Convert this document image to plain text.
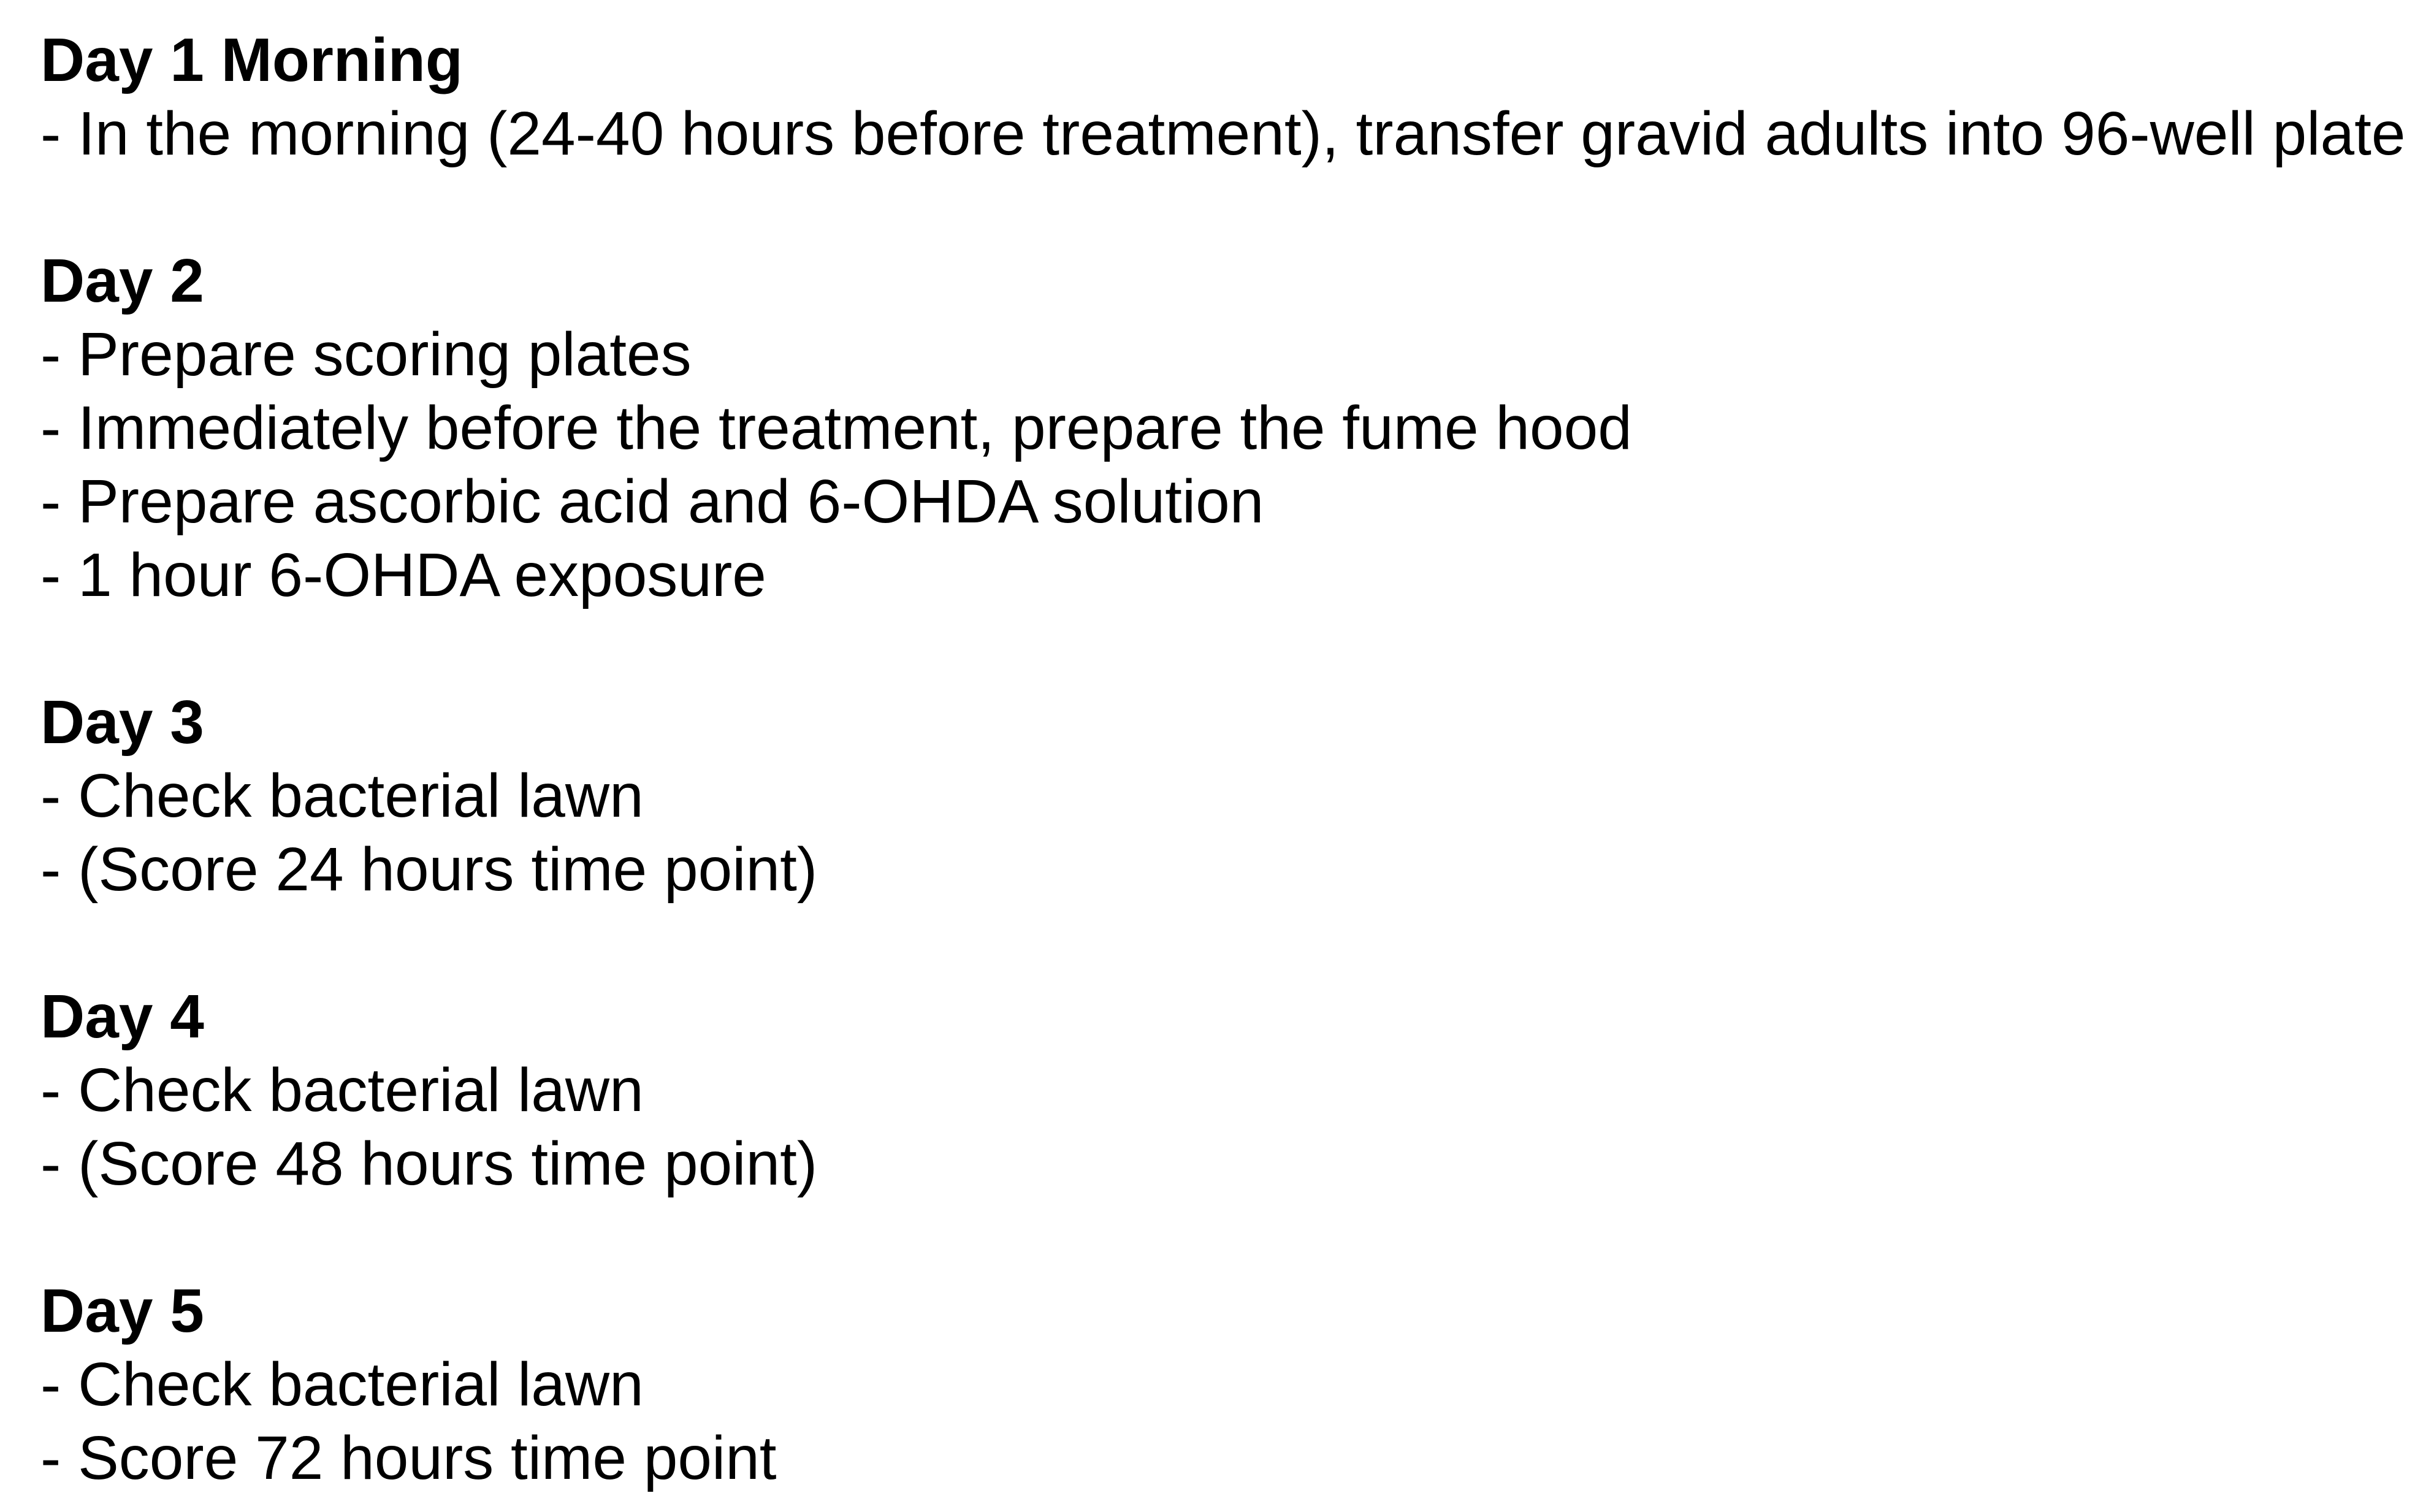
Day 1 Morning
- In the morning (24-40 hours before treatment), transfer gravid adults into 96-well plate
Day 2
- Prepare scoring plates
- Immediately before the treatment, prepare the fume hood
- Prepare ascorbic acid and 6-OHDA solution
- 1 hour 6-OHDA exposure
Day 3
- Check bacterial lawn
- (Score 24 hours time point)
Day 4
- Check bacterial lawn
- (Score 48 hours time point)
Day 5
- Check bacterial lawn
- Score 72 hours time point
